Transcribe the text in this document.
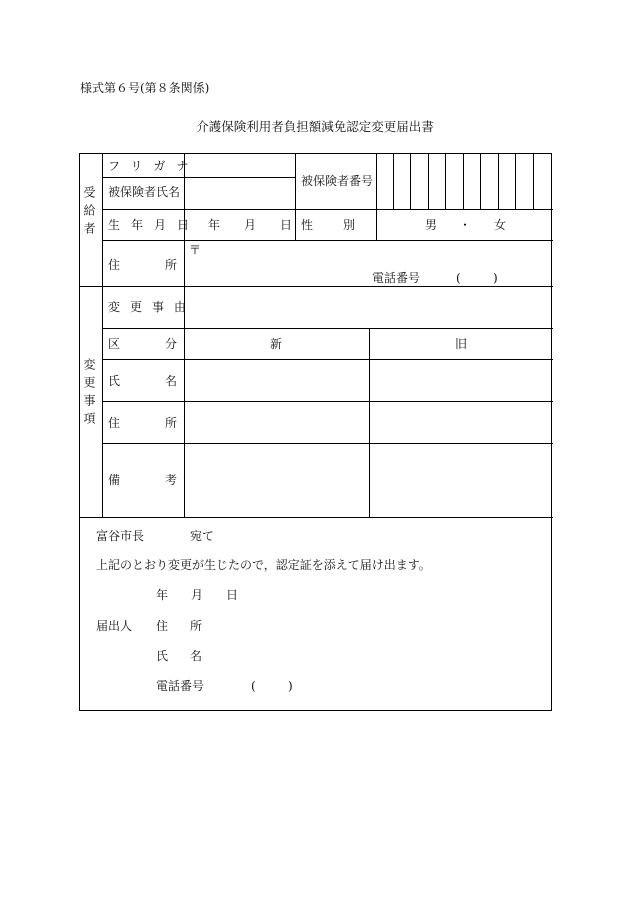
様式第６号(第８条関係)
介護保険利用者負担額減免認定変更届出書
受給者
フリガナ
被保険者氏名
被保険者番号
生年月日 年 月 日 性　　別	男 ・ 女
住　　所
〒
電話番号	(	)
変更事項
変更事由
区　　分	新	旧
氏　　名
住　　所
備　　考
富谷市長	宛て
上記のとおり変更が生じたので，認定証を添えて届け出ます。
年 月 日
届出人 住　所
氏　名
電話番号	(	)
